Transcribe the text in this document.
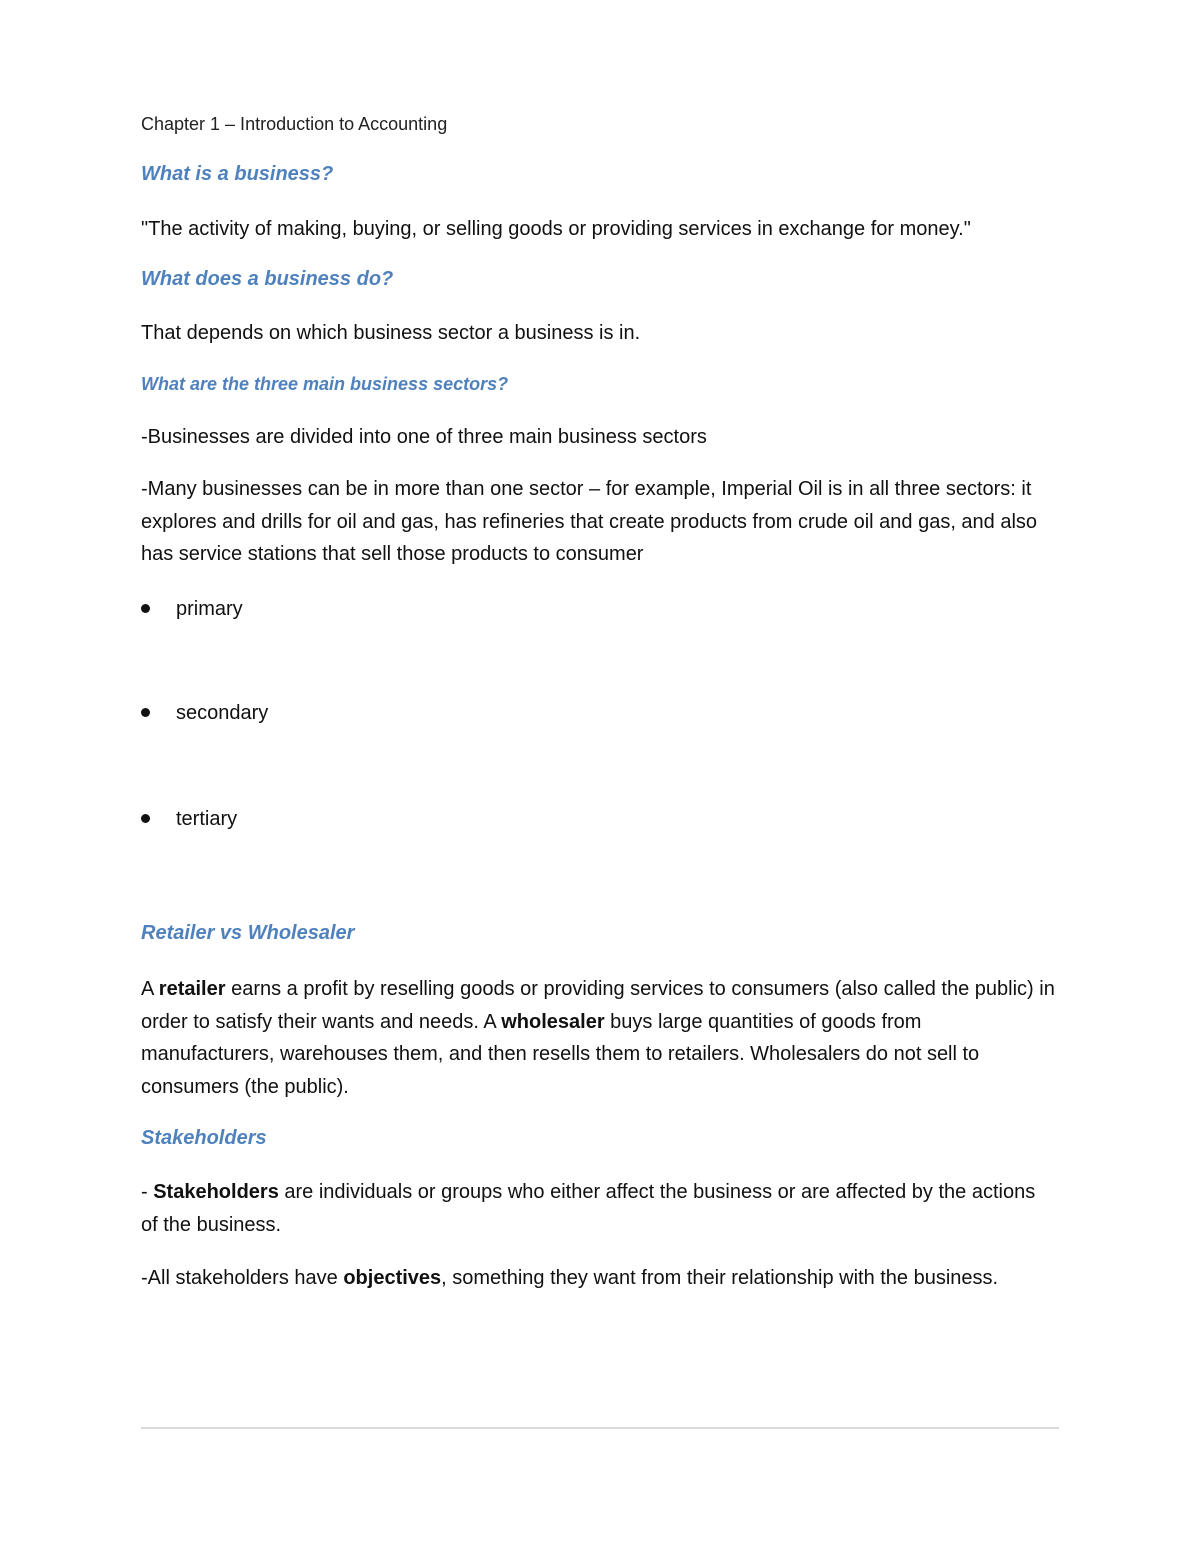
Chapter 1 – Introduction to Accounting

What is a business?

"The activity of making, buying, or selling goods or providing services in exchange for money."

What does a business do?

That depends on which business sector a business is in.

What are the three main business sectors?

-Businesses are divided into one of three main business sectors

-Many businesses can be in more than one sector – for example, Imperial Oil is in all three sectors: it explores and drills for oil and gas, has refineries that create products from crude oil and gas, and also has service stations that sell those products to consumer

primary
secondary
tertiary

Retailer vs Wholesaler

A retailer earns a profit by reselling goods or providing services to consumers (also called the public) in order to satisfy their wants and needs. A wholesaler buys large quantities of goods from manufacturers, warehouses them, and then resells them to retailers. Wholesalers do not sell to consumers (the public).

Stakeholders

- Stakeholders are individuals or groups who either affect the business or are affected by the actions of the business.

-All stakeholders have objectives, something they want from their relationship with the business.
